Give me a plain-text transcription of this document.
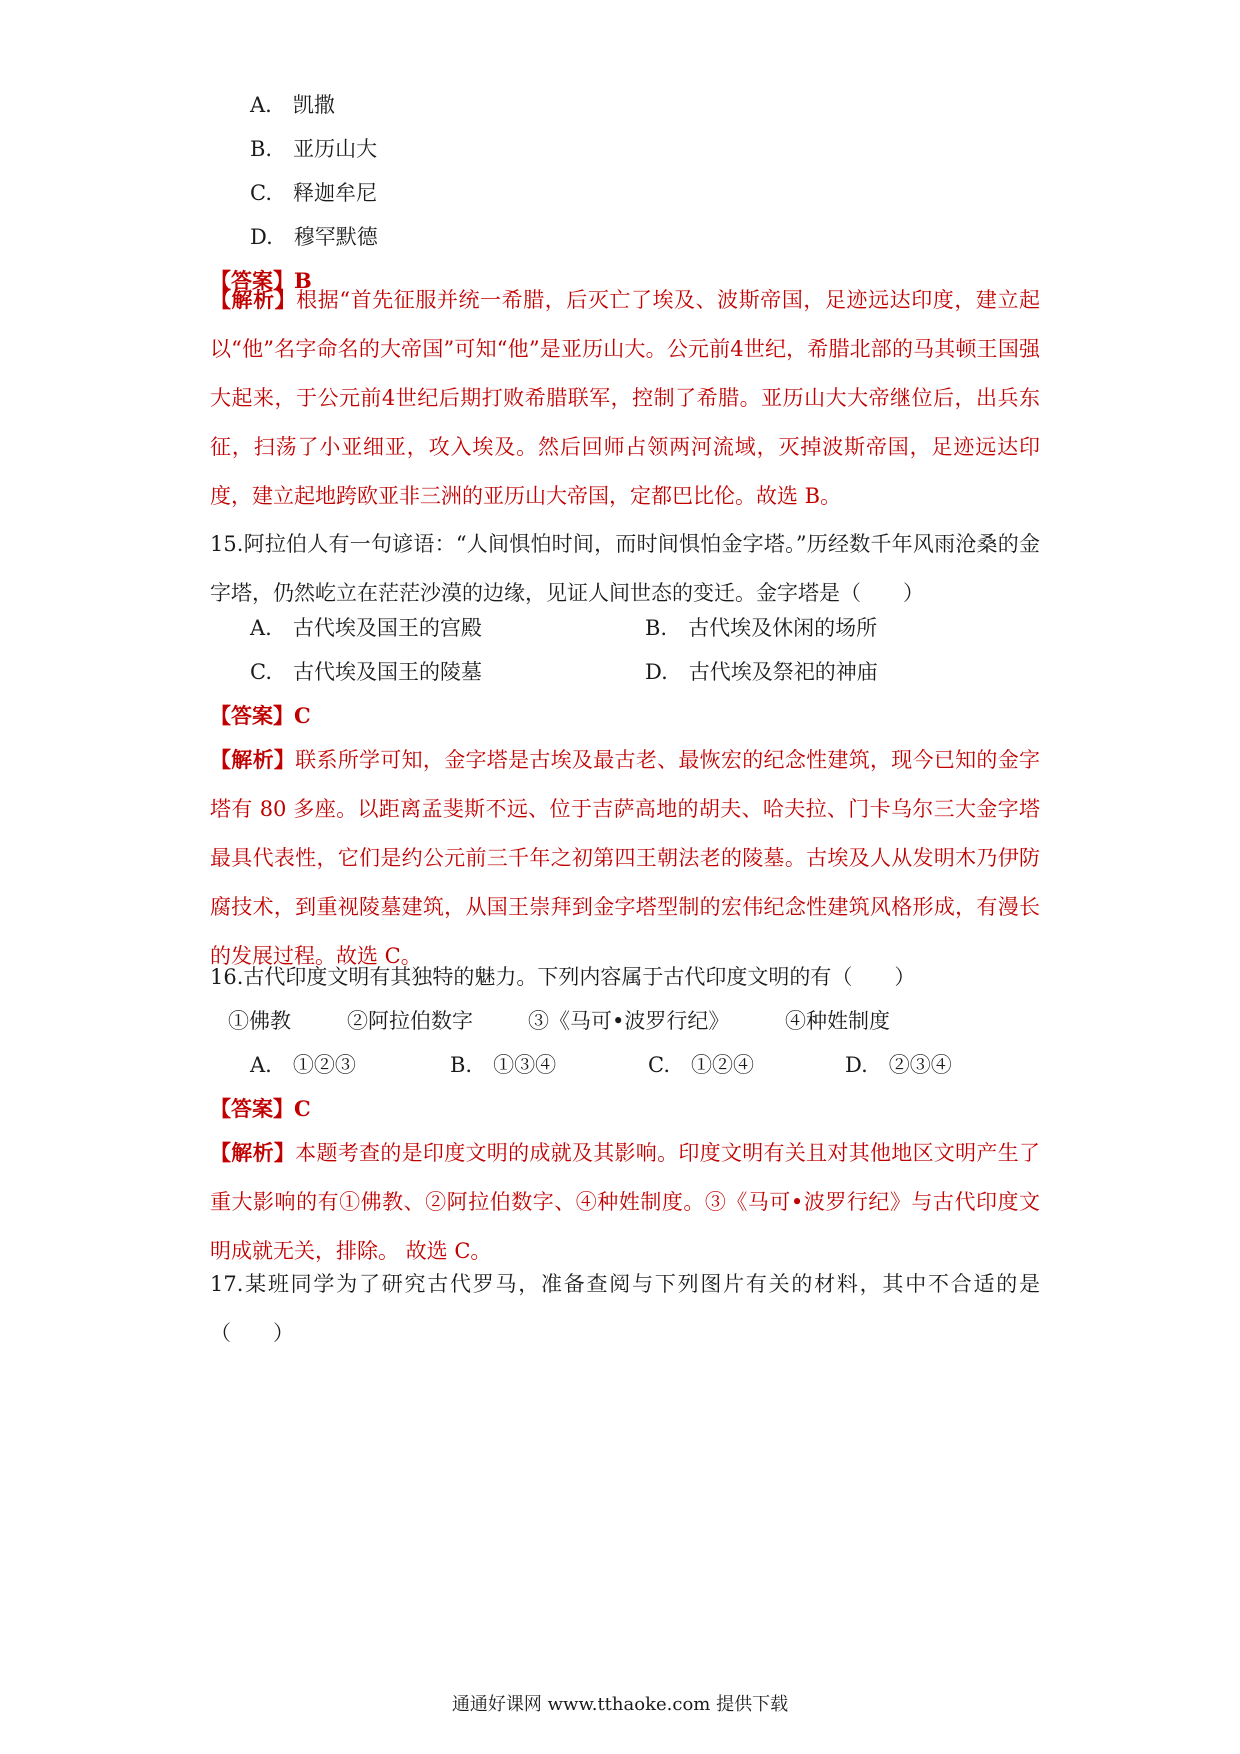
A.　凯撒
B.　亚历山大
C.　释迦牟尼
D.　穆罕默德
【答案】B
【解析】根据“首先征服并统一希腊，后灭亡了埃及、波斯帝国，足迹远达印度，建立起以“他”名字命名的大帝国”可知“他”是亚历山大。公元前4世纪，希腊北部的马其顿王国强大起来，于公元前4世纪后期打败希腊联军，控制了希腊。亚历山大大帝继位后，出兵东征，扫荡了小亚细亚，攻入埃及。然后回师占领两河流域，灭掉波斯帝国，足迹远达印度，建立起地跨欧亚非三洲的亚历山大帝国，定都巴比伦。故选 B。
15.阿拉伯人有一句谚语：“人间惧怕时间，而时间惧怕金字塔。”历经数千年风雨沧桑的金字塔，仍然屹立在茫茫沙漠的边缘，见证人间世态的变迁。金字塔是（　　）
A.　古代埃及国王的宫殿	B.　古代埃及休闲的场所
C.　古代埃及国王的陵墓	D.　古代埃及祭祀的神庙
【答案】C
【解析】联系所学可知，金字塔是古埃及最古老、最恢宏的纪念性建筑，现今已知的金字塔有 80 多座。以距离孟斐斯不远、位于吉萨高地的胡夫、哈夫拉、门卡乌尔三大金字塔最具代表性，它们是约公元前三千年之初第四王朝法老的陵墓。古埃及人从发明木乃伊防腐技术，到重视陵墓建筑，从国王崇拜到金字塔型制的宏伟纪念性建筑风格形成，有漫长的发展过程。故选 C。
16.古代印度文明有其独特的魅力。下列内容属于古代印度文明的有（　　）
①佛教	②阿拉伯数字	③《马可•波罗行纪》	④种姓制度
A.　①②③	B.　①③④	C.　①②④	D.　②③④
【答案】C
【解析】本题考查的是印度文明的成就及其影响。印度文明有关且对其他地区文明产生了重大影响的有①佛教、②阿拉伯数字、④种姓制度。③《马可•波罗行纪》与古代印度文明成就无关，排除。 故选 C。
17.某班同学为了研究古代罗马，准备查阅与下列图片有关的材料，其中不合适的是（　　）
通通好课网 www.tthaoke.com 提供下载
